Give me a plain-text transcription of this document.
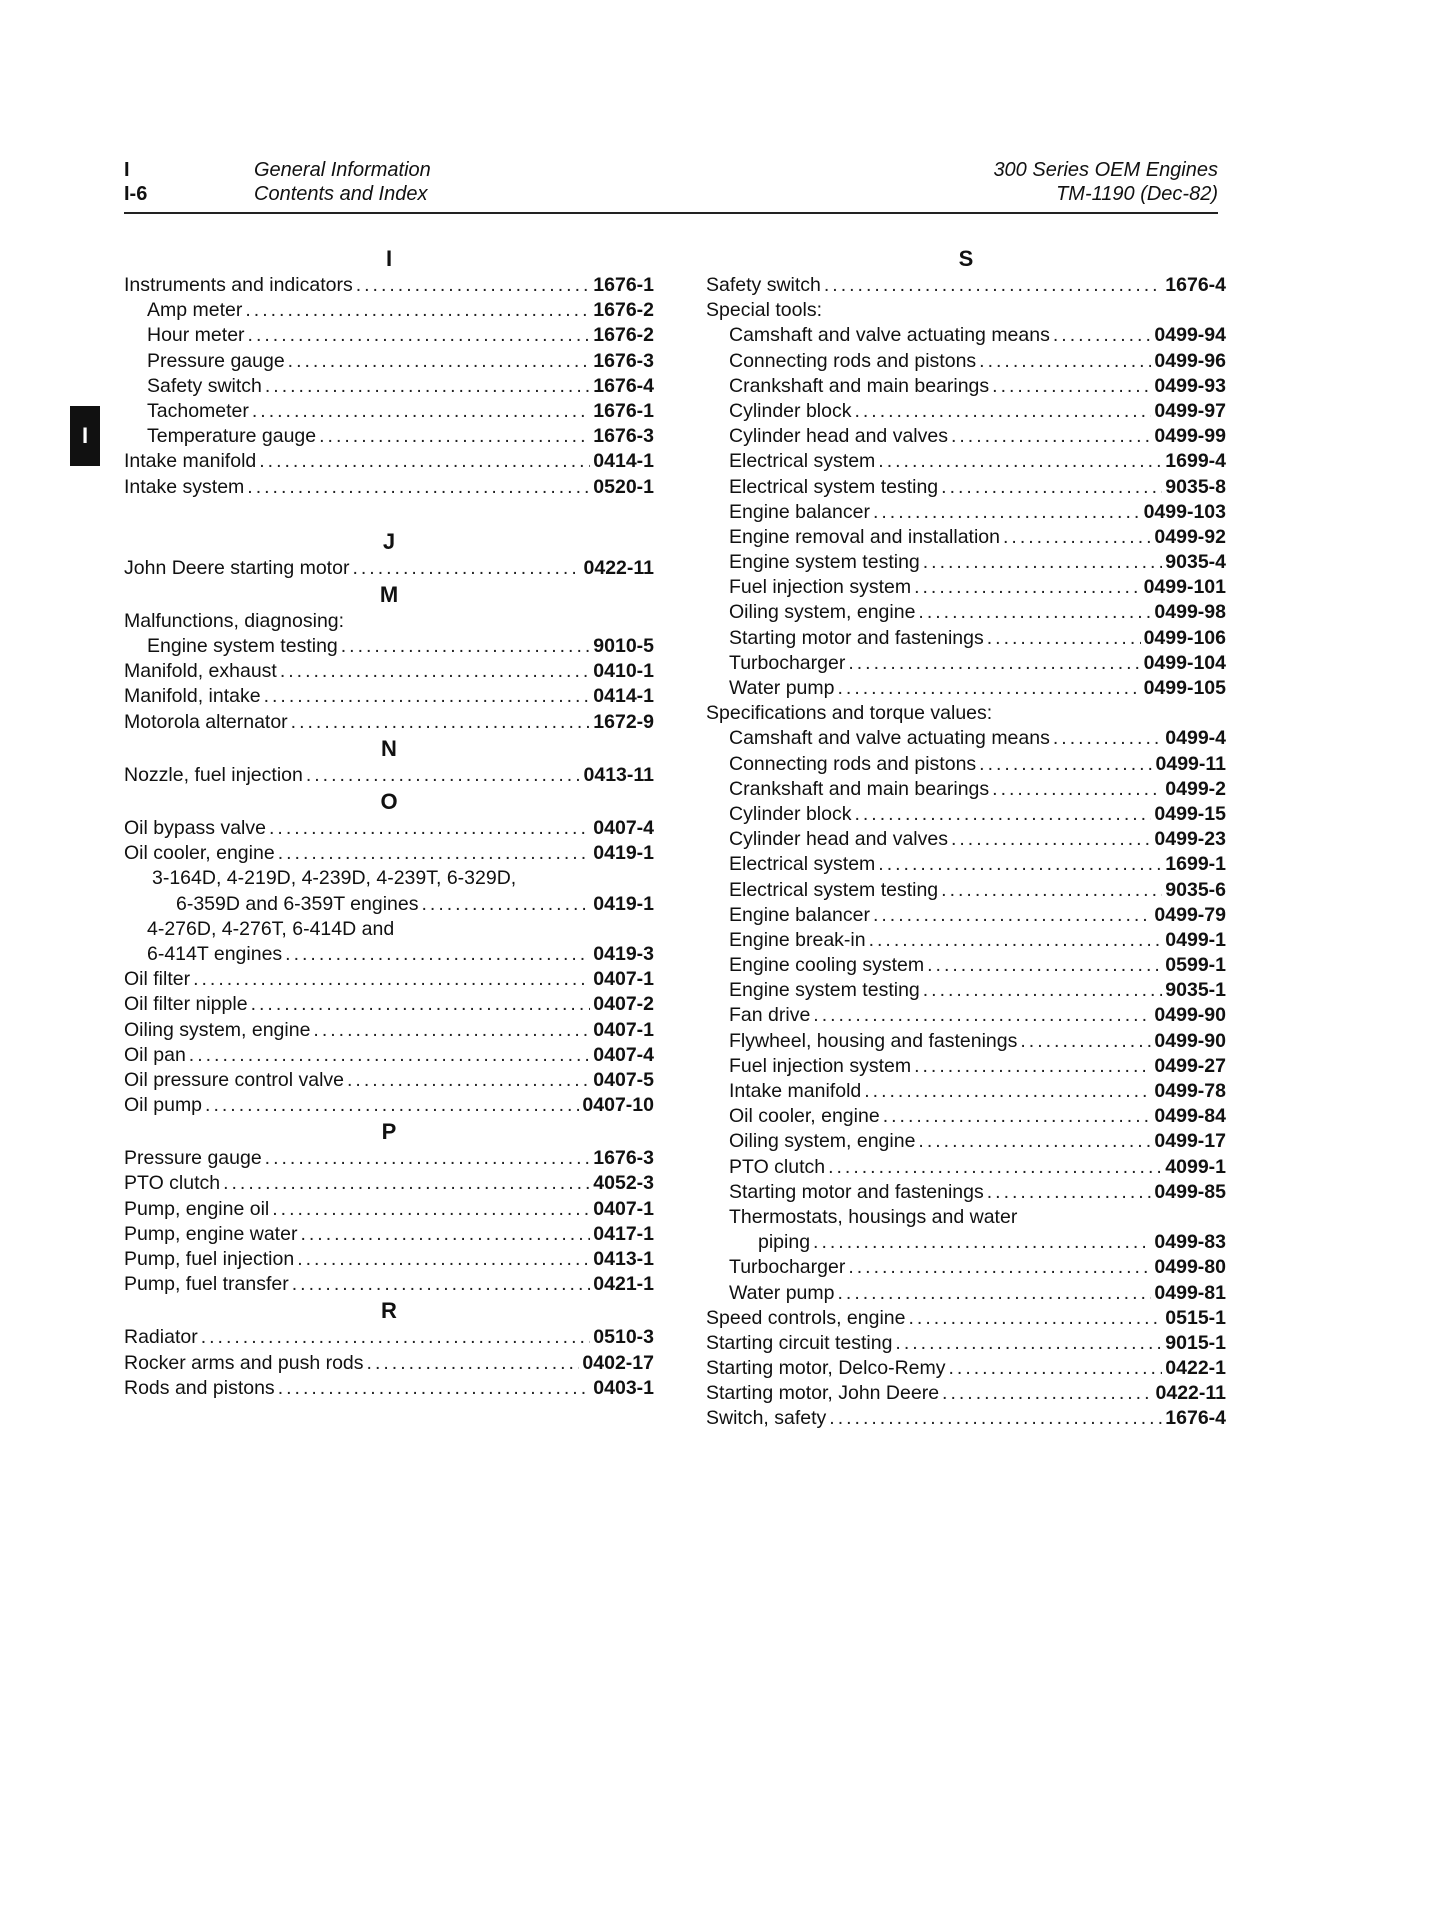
I
I-6
General Information
Contents and Index
300 Series OEM Engines
TM-1190 (Dec-82)
I
I
Instruments and indicators .....	1676-1
Amp meter .....	1676-2
Hour meter .....	1676-2
Pressure gauge .....	1676-3
Safety switch .....	1676-4
Tachometer .....	1676-1
Temperature gauge .....	1676-3
Intake manifold .....	0414-1
Intake system .....	0520-1
J
John Deere starting motor .....	0422-11
M
Malfunctions, diagnosing:
Engine system testing .....	9010-5
Manifold, exhaust .....	0410-1
Manifold, intake .....	0414-1
Motorola alternator .....	1672-9
N
Nozzle, fuel injection .....	0413-11
O
Oil bypass valve .....	0407-4
Oil cooler, engine .....	0419-1
3-164D, 4-219D, 4-239D, 4-239T, 6-329D,
6-359D and 6-359T engines .....	0419-1
4-276D, 4-276T, 6-414D and
6-414T engines .....	0419-3
Oil filter .....	0407-1
Oil filter nipple .....	0407-2
Oiling system, engine .....	0407-1
Oil pan .....	0407-4
Oil pressure control valve .....	0407-5
Oil pump .....	0407-10
P
Pressure gauge .....	1676-3
PTO clutch .....	4052-3
Pump, engine oil .....	0407-1
Pump, engine water .....	0417-1
Pump, fuel injection .....	0413-1
Pump, fuel transfer .....	0421-1
R
Radiator .....	0510-3
Rocker arms and push rods .....	0402-17
Rods and pistons .....	0403-1
S
Safety switch .....	1676-4
Special tools:
Camshaft and valve actuating means .....	0499-94
Connecting rods and pistons .....	0499-96
Crankshaft and main bearings .....	0499-93
Cylinder block .....	0499-97
Cylinder head and valves .....	0499-99
Electrical system .....	1699-4
Electrical system testing .....	9035-8
Engine balancer .....	0499-103
Engine removal and installation .....	0499-92
Engine system testing .....	9035-4
Fuel injection system .....	0499-101
Oiling system, engine .....	0499-98
Starting motor and fastenings .....	0499-106
Turbocharger .....	0499-104
Water pump .....	0499-105
Specifications and torque values:
Camshaft and valve actuating means .....	0499-4
Connecting rods and pistons .....	0499-11
Crankshaft and main bearings .....	0499-2
Cylinder block .....	0499-15
Cylinder head and valves .....	0499-23
Electrical system .....	1699-1
Electrical system testing .....	9035-6
Engine balancer .....	0499-79
Engine break-in .....	0499-1
Engine cooling system .....	0599-1
Engine system testing .....	9035-1
Fan drive .....	0499-90
Flywheel, housing and fastenings .....	0499-90
Fuel injection system .....	0499-27
Intake manifold .....	0499-78
Oil cooler, engine .....	0499-84
Oiling system, engine .....	0499-17
PTO clutch .....	4099-1
Starting motor and fastenings .....	0499-85
Thermostats, housings and water
piping .....	0499-83
Turbocharger .....	0499-80
Water pump .....	0499-81
Speed controls, engine .....	0515-1
Starting circuit testing .....	9015-1
Starting motor, Delco-Remy .....	0422-1
Starting motor, John Deere .....	0422-11
Switch, safety .....	1676-4
